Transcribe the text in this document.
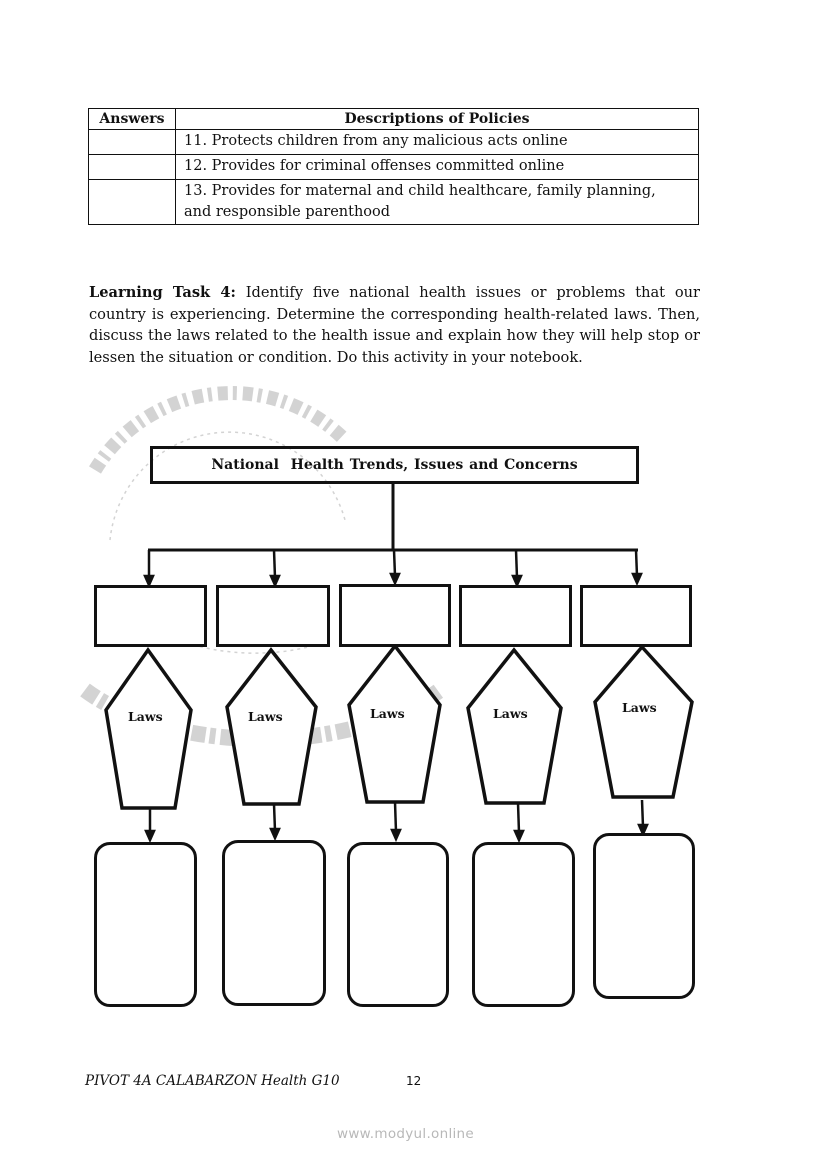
Answers	Descriptions of Policies
	11. Protects children from any malicious acts online
	12. Provides for criminal offenses committed online

	13. Provides for maternal and child healthcare, family planning,
and responsible parenthood
Learning Task 4: Identify five national health issues or problems that our country is experiencing. Determine the corresponding health-related laws. Then, discuss the laws related to the health issue and explain how they will help stop or lessen the situation or condition. Do this activity in your notebook.
National  Health Trends, Issues and Concerns
Laws	Laws	Laws	Laws	Laws
PIVOT 4A CALABARZON Health G10	12
www.modyul.online
